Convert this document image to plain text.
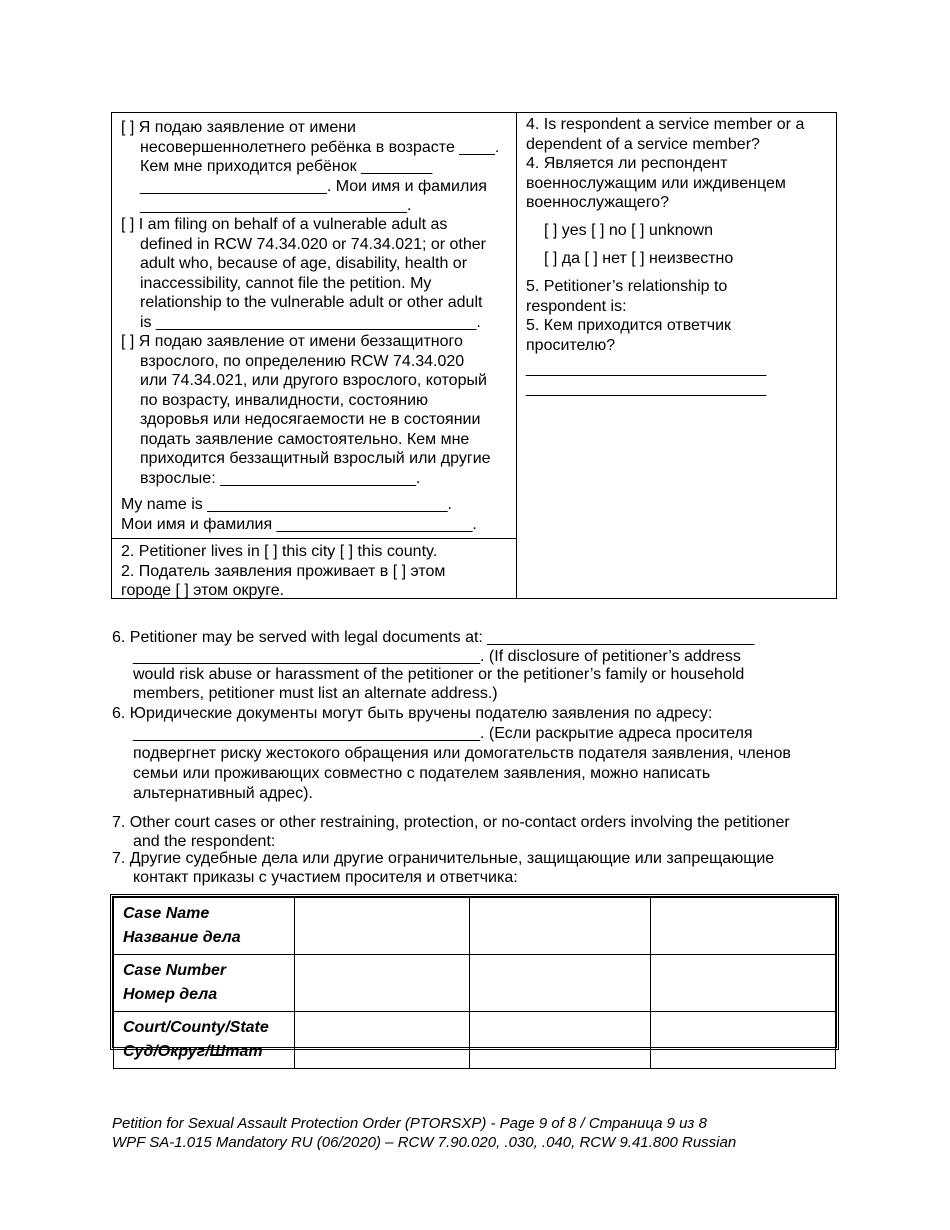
[ ] Я подаю заявление от имени
несовершеннолетнего ребёнка в возрасте ____.
Кем мне приходится ребёнок ________
_____________________. Мои имя и фамилия
______________________________.
[ ] I am filing on behalf of a vulnerable adult as
defined in RCW 74.34.020 or 74.34.021; or other
adult who, because of age, disability, health or
inaccessibility, cannot file the petition. My
relationship to the vulnerable adult or other adult
is ____________________________________.
[ ] Я подаю заявление от имени беззащитного
взрослого, по определению RCW 74.34.020
или 74.34.021, или другого взрослого, который
по возрасту, инвалидности, состоянию
здоровья или недосягаемости не в состоянии
подать заявление самостоятельно. Кем мне
приходится беззащитный взрослый или другие
взрослые: ______________________.
My name is ___________________________.
Мои имя и фамилия ______________________.
2. Petitioner lives in [ ] this city [ ] this county.
2. Податель заявления проживает в [ ] этом
городе [ ] этом округе.
4. Is respondent a service member or a
dependent of a service member?
4. Является ли респондент
военнослужащим или иждивенцем
военнослужащего?
[ ] yes [ ] no [ ] unknown
[ ] да [ ] нет [ ] неизвестно
5. Petitioner’s relationship to
respondent is:
5. Кем приходится ответчик
просителю?
___________________________
___________________________
6. Petitioner may be served with legal documents at: ______________________________
_______________________________________. (If disclosure of petitioner’s address
would risk abuse or harassment of the petitioner or the petitioner’s family or household
members, petitioner must list an alternate address.)
6. Юридические документы могут быть вручены подателю заявления по адресу:
_______________________________________. (Если раскрытие адреса просителя
подвергнет риску жестокого обращения или домогательств подателя заявления, членов
семьи или проживающих совместно с подателем заявления, можно написать
альтернативный адрес).
7. Other court cases or other restraining, protection, or no-contact orders involving the petitioner
and the respondent:
7. Другие судебные дела или другие ограничительные, защищающие или запрещающие
контакт приказы с участием просителя и ответчика:
Case Name
Название дела			

Case Number
Номер дела			

Court/County/State
Суд/Округ/Штат			

Petition for Sexual Assault Protection Order (PTORSXP) - Page 9 of 8 / Страница 9 из 8
WPF SA-1.015 Mandatory RU (06/2020) – RCW 7.90.020, .030, .040, RCW 9.41.800 Russian
